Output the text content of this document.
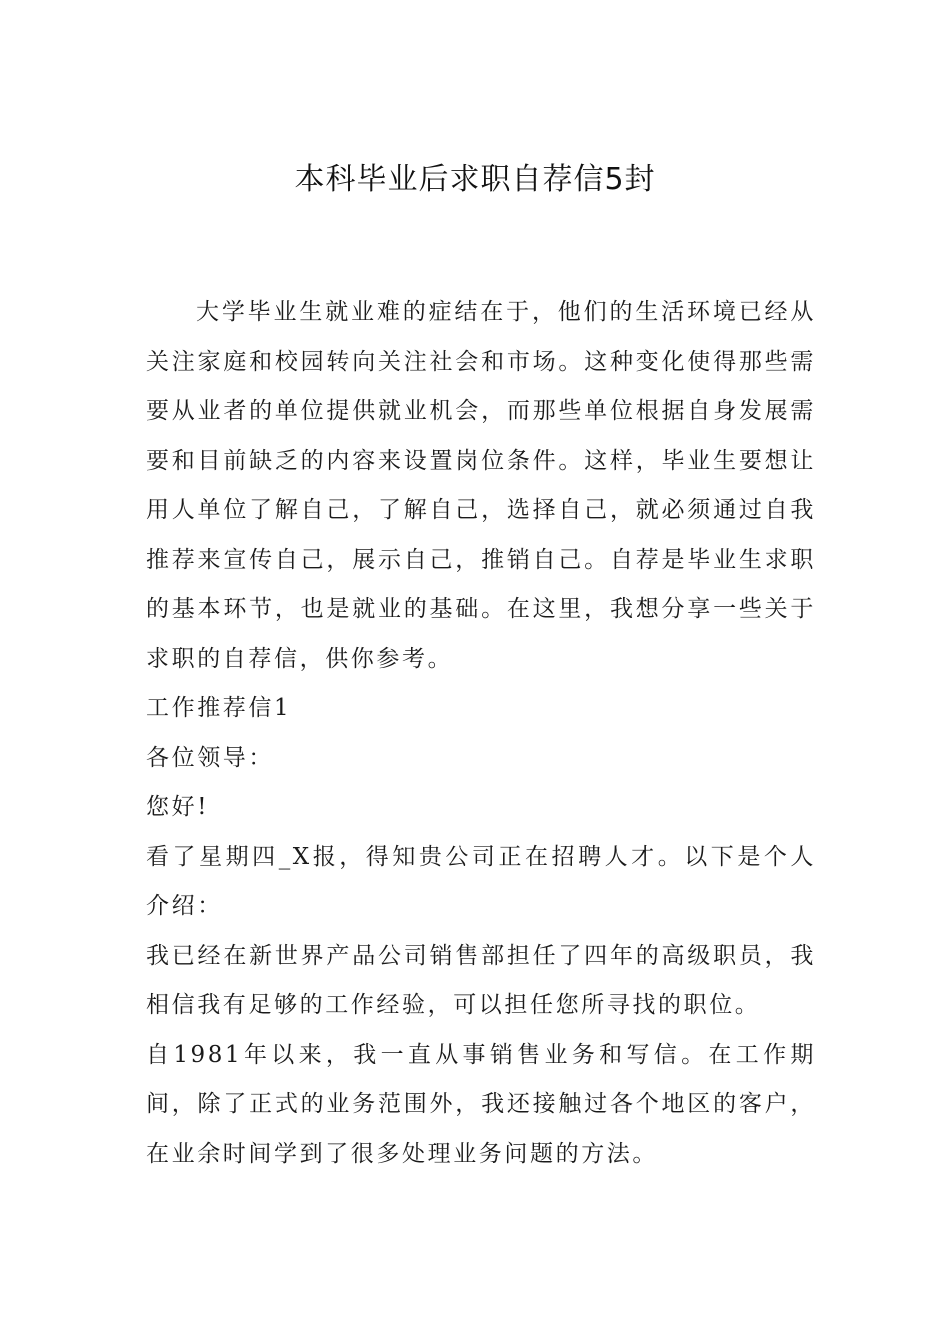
本科毕业后求职自荐信5封

大学毕业生就业难的症结在于，他们的生活环境已经从关注家庭和校园转向关注社会和市场。这种变化使得那些需要从业者的单位提供就业机会，而那些单位根据自身发展需要和目前缺乏的内容来设置岗位条件。这样，毕业生要想让用人单位了解自己，了解自己，选择自己，就必须通过自我推荐来宣传自己，展示自己，推销自己。自荐是毕业生求职的基本环节，也是就业的基础。在这里，我想分享一些关于求职的自荐信，供你参考。

工作推荐信1

各位领导：

您好!

看了星期四_X报，得知贵公司正在招聘人才。以下是个人介绍：

我已经在新世界产品公司销售部担任了四年的高级职员，我相信我有足够的工作经验，可以担任您所寻找的职位。

自1981年以来，我一直从事销售业务和写信。在工作期间，除了正式的业务范围外，我还接触过各个地区的客户，在业余时间学到了很多处理业务问题的方法。
